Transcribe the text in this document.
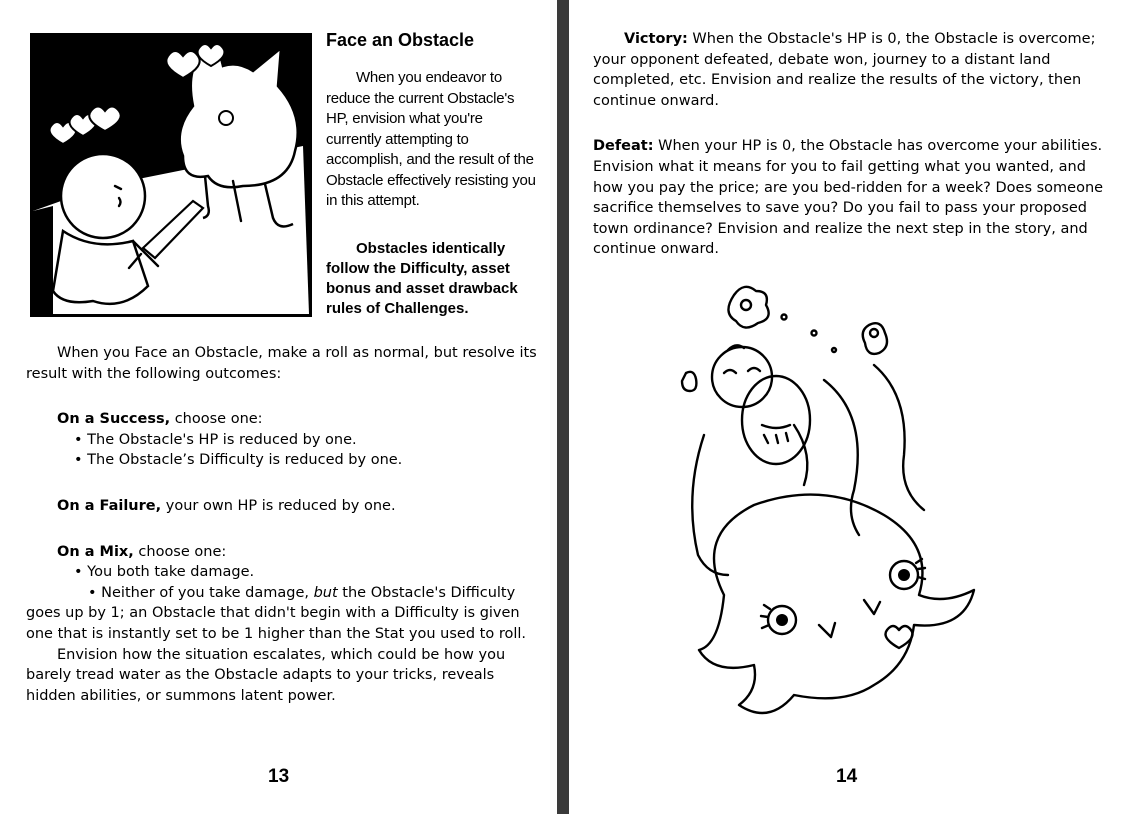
Face an Obstacle

When you endeavor to reduce the current Obstacle's HP, envision what you're currently attempting to accomplish, and the result of the Obstacle effectively resisting you in this attempt.

Obstacles identically follow the Difficulty, asset bonus and asset drawback rules of Challenges.

When you Face an Obstacle, make a roll as normal, but resolve its result with the following outcomes:

On a Success, choose one:

• The Obstacle's HP is reduced by one.

• The Obstacle’s Difficulty is reduced by one.

On a Failure, your own HP is reduced by one.

On a Mix, choose one:

• You both take damage.

• Neither of you take damage, but the Obstacle's Difficulty goes up by 1; an Obstacle that didn't begin with a Difficulty is given one that is instantly set to be 1 higher than the Stat you used to roll.

Envision how the situation escalates, which could be how you barely tread water as the Obstacle adapts to your tricks, reveals hidden abilities, or summons latent power.

13

Victory: When the Obstacle's HP is 0, the Obstacle is overcome; your opponent defeated, debate won, journey to a distant land completed, etc. Envision and realize the results of the victory, then continue onward.

Defeat: When your HP is 0, the Obstacle has overcome your abilities. Envision what it means for you to fail getting what you wanted, and how you pay the price; are you bed-ridden for a week? Does someone sacrifice themselves to save you? Do you fail to pass your proposed town ordinance? Envision and realize the next step in the story, and continue onward.

14
